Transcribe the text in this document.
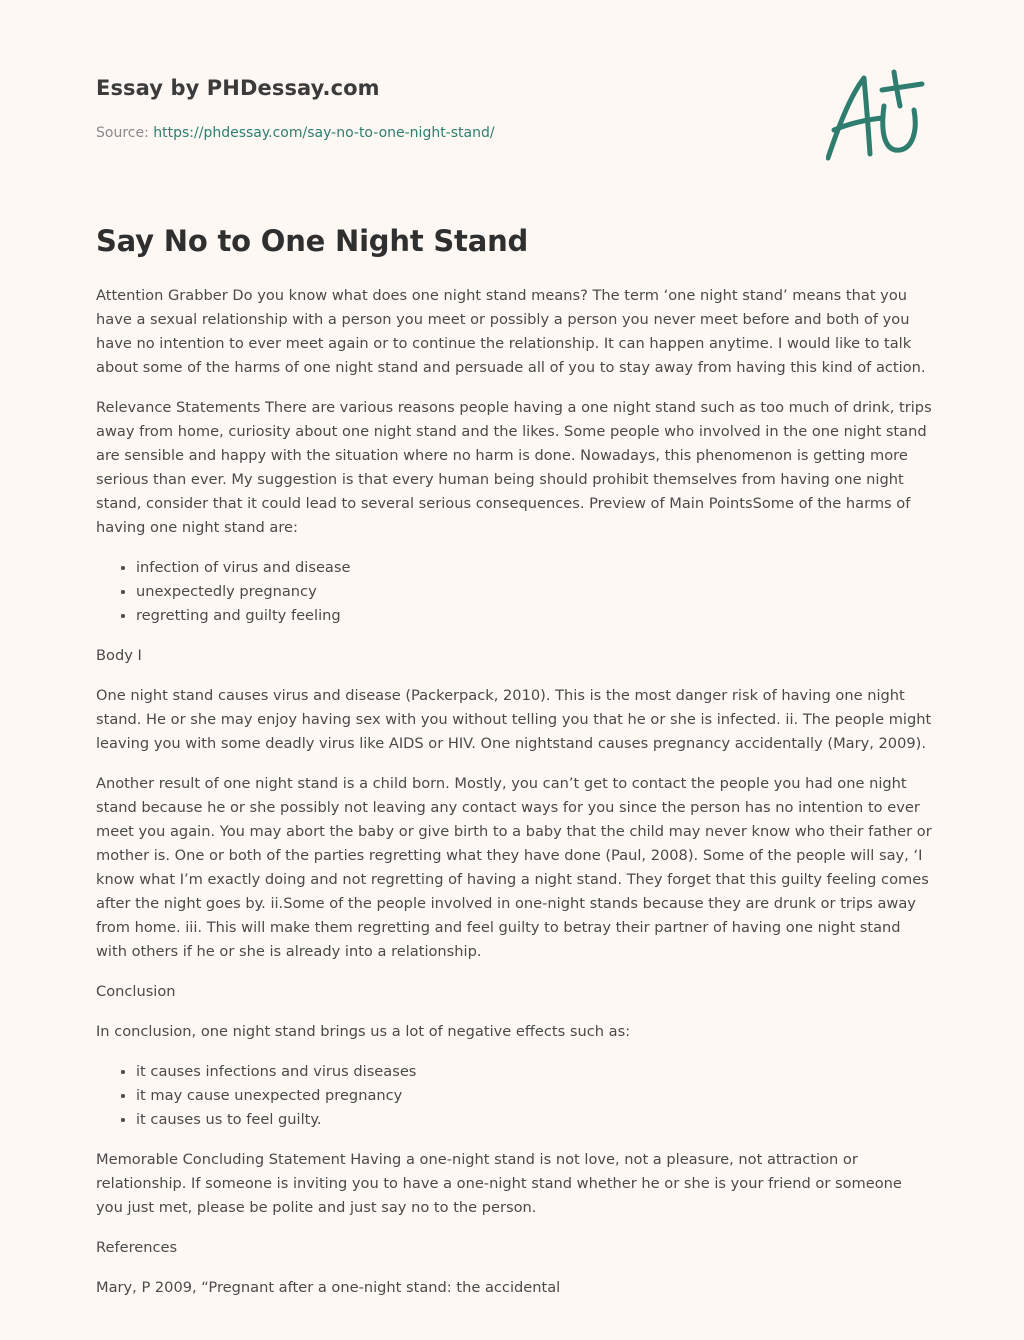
Essay by PHDessay.com
Source: https://phdessay.com/say-no-to-one-night-stand/
Say No to One Night Stand

Attention Grabber Do you know what does one night stand means? The term ‘one night stand’ means that you have a sexual relationship with a person you meet or possibly a person you never meet before and both of you have no intention to ever meet again or to continue the relationship. It can happen anytime. I would like to talk about some of the harms of one night stand and persuade all of you to stay away from having this kind of action.

Relevance Statements There are various reasons people having a one night stand such as too much of drink, trips away from home, curiosity about one night stand and the likes. Some people who involved in the one night stand are sensible and happy with the situation where no harm is done. Nowadays, this phenomenon is getting more serious than ever. My suggestion is that every human being should prohibit themselves from having one night stand, consider that it could lead to several serious consequences. Preview of Main PointsSome of the harms of having one night stand are:

• infection of virus and disease
• unexpectedly pregnancy
• regretting and guilty feeling

Body I

One night stand causes virus and disease (Packerpack, 2010). This is the most danger risk of having one night stand. He or she may enjoy having sex with you without telling you that he or she is infected. ii. The people might leaving you with some deadly virus like AIDS or HIV. One nightstand causes pregnancy accidentally (Mary, 2009).

Another result of one night stand is a child born. Mostly, you can’t get to contact the people you had one night stand because he or she possibly not leaving any contact ways for you since the person has no intention to ever meet you again. You may abort the baby or give birth to a baby that the child may never know who their father or mother is. One or both of the parties regretting what they have done (Paul, 2008). Some of the people will say, ‘I know what I’m exactly doing and not regretting of having a night stand. They forget that this guilty feeling comes after the night goes by. ii.Some of the people involved in one-night stands because they are drunk or trips away from home. iii. This will make them regretting and feel guilty to betray their partner of having one night stand with others if he or she is already into a relationship.

Conclusion

In conclusion, one night stand brings us a lot of negative effects such as:

• it causes infections and virus diseases
• it may cause unexpected pregnancy
• it causes us to feel guilty.

Memorable Concluding Statement Having a one-night stand is not love, not a pleasure, not attraction or relationship. If someone is inviting you to have a one-night stand whether he or she is your friend or someone you just met, please be polite and just say no to the person.

References

Mary, P 2009, “Pregnant after a one-night stand: the accidental
